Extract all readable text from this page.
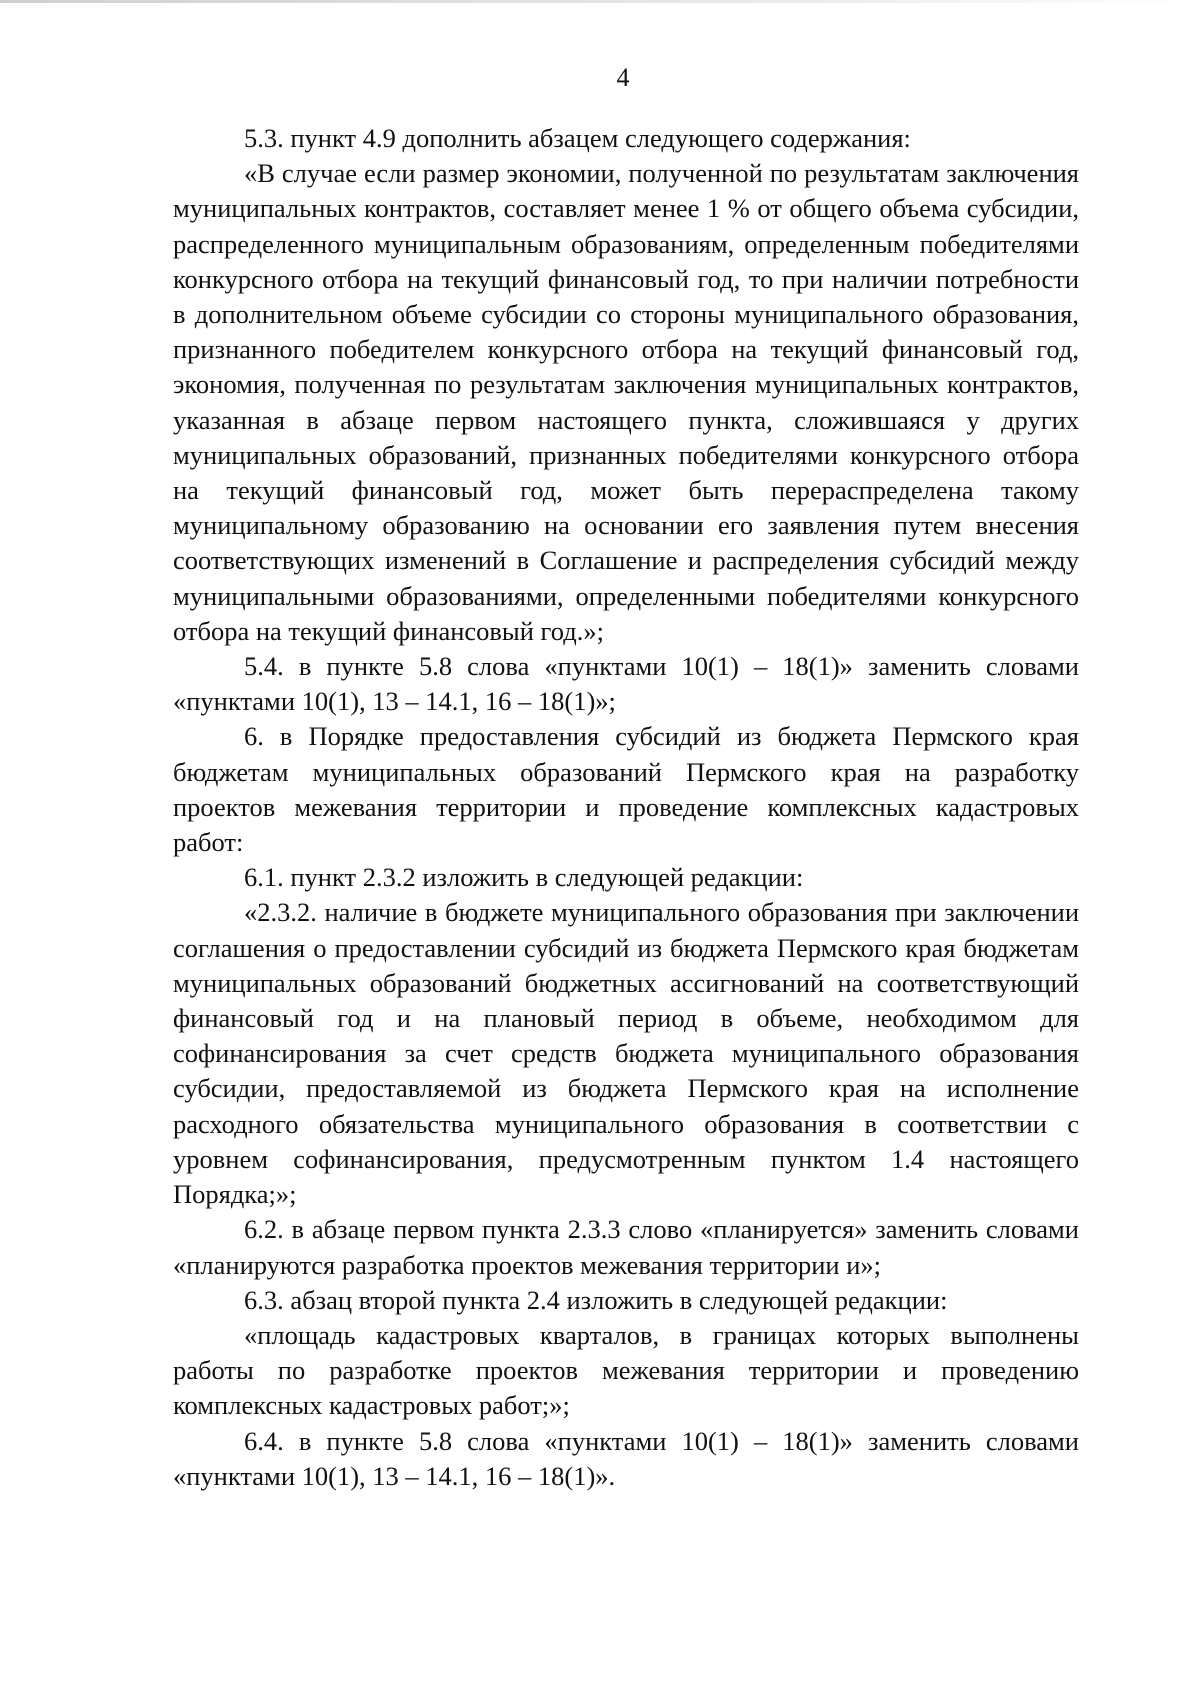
4

5.3. пункт 4.9 дополнить абзацем следующего содержания:

«В случае если размер экономии, полученной по результатам заключения муниципальных контрактов, составляет менее 1 % от общего объема субсидии, распределенного муниципальным образованиям, определенным победителями конкурсного отбора на текущий финансовый год, то при наличии потребности в дополнительном объеме субсидии со стороны муниципального образования, признанного победителем конкурсного отбора на текущий финансовый год, экономия, полученная по результатам заключения муниципальных контрактов, указанная в абзаце первом настоящего пункта, сложившаяся у других муниципальных образований, признанных победителями конкурсного отбора на текущий финансовый год, может быть перераспределена такому муниципальному образованию на основании его заявления путем внесения соответствующих изменений в Соглашение и распределения субсидий между муниципальными образованиями, определенными победителями конкурсного отбора на текущий финансовый год.»;

5.4. в пункте 5.8 слова «пунктами 10(1) – 18(1)» заменить словами «пунктами 10(1), 13 – 14.1, 16 – 18(1)»;

6. в Порядке предоставления субсидий из бюджета Пермского края бюджетам муниципальных образований Пермского края на разработку проектов межевания территории и проведение комплексных кадастровых работ:

6.1. пункт 2.3.2 изложить в следующей редакции:

«2.3.2. наличие в бюджете муниципального образования при заключении соглашения о предоставлении субсидий из бюджета Пермского края бюджетам муниципальных образований бюджетных ассигнований на соответствующий финансовый год и на плановый период в объеме, необходимом для софинансирования за счет средств бюджета муниципального образования субсидии, предоставляемой из бюджета Пермского края на исполнение расходного обязательства муниципального образования в соответствии с уровнем софинансирования, предусмотренным пунктом 1.4 настоящего Порядка;»;

6.2. в абзаце первом пункта 2.3.3 слово «планируется» заменить словами «планируются разработка проектов межевания территории и»;

6.3. абзац второй пункта 2.4 изложить в следующей редакции:

«площадь кадастровых кварталов, в границах которых выполнены работы по разработке проектов межевания территории и проведению комплексных кадастровых работ;»;

6.4. в пункте 5.8 слова «пунктами 10(1) – 18(1)» заменить словами «пунктами 10(1), 13 – 14.1, 16 – 18(1)».
